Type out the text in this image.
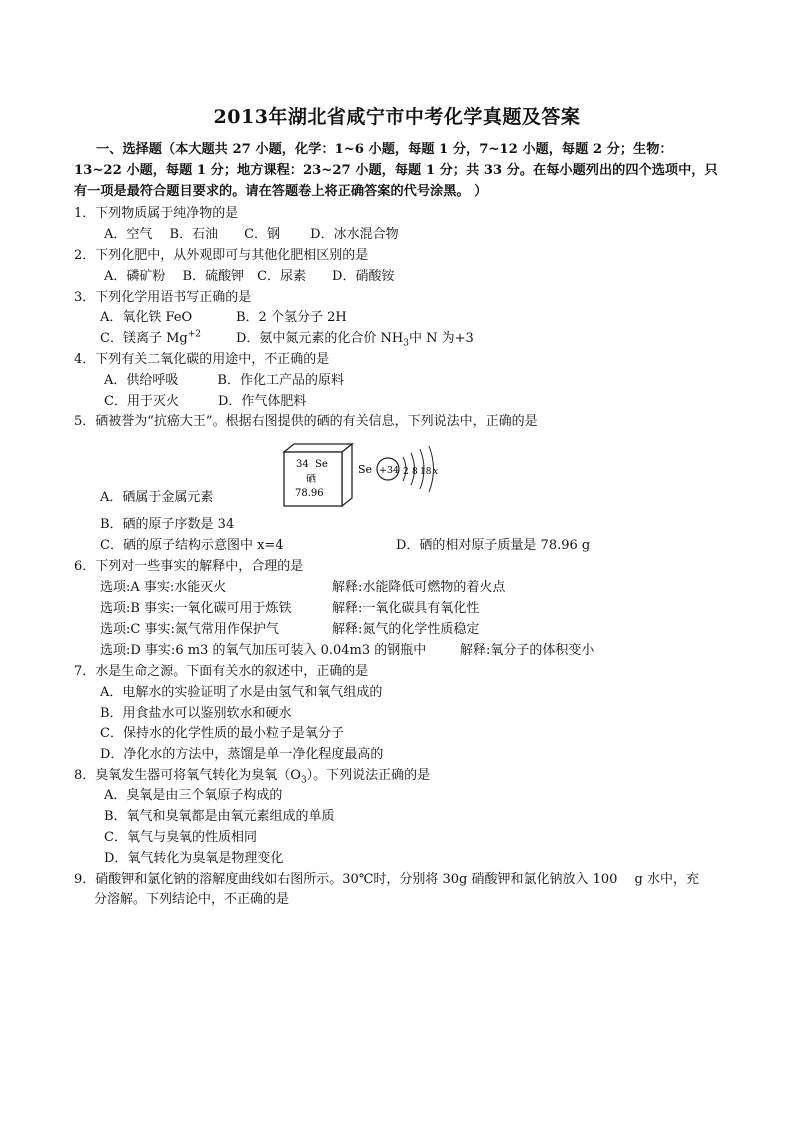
2013年湖北省咸宁市中考化学真题及答案
一、选择题（本大题共 27 小题，化学：1~6 小题，每题 1 分，7~12 小题，每题 2 分；生物：
13~22 小题，每题 1 分；地方课程：23~27 小题，每题 1 分；共 33 分。在每小题列出的四个选项中，只
有一项是最符合题目要求的。请在答题卷上将正确答案的代号涂黑。 ）
1．下列物质属于纯净物的是
A．空气　 B．石油　　C．钢　　 D．冰水混合物
2．下列化肥中，从外观即可与其他化肥相区别的是
A．磷矿粉　 B．硫酸钾　C．尿素　　D．硝酸铵
3．下列化学用语书写正确的是
A．氧化铁 FeO	B．2 个氢分子 2H
C．镁离子 $Mg^{+2}$	D．氨中氮元素的化合价 $NH_3$中 N 为+3
4．下列有关二氧化碳的用途中，不正确的是
A．供给呼吸　　　B．作化工产品的原料
C．用于灭火　　　D．作气体肥料
5．硒被誉为“抗癌大王”。根据右图提供的硒的有关信息，下列说法中，正确的是
34 Se
硒
78.96
Se +34 2 8 18 x
A．硒属于金属元素
B．硒的原子序数是 34
C．硒的原子结构示意图中 x=4	D．硒的相对原子质量是 78.96 g
6．下列对一些事实的解释中，合理的是
选项:A 事实:水能灭火	解释:水能降低可燃物的着火点
选项:B 事实:一氧化碳可用于炼铁	解释:一氧化碳具有氧化性
选项:C 事实:氮气常用作保护气	解释:氮气的化学性质稳定
选项:D 事实:6 m3 的氧气加压可装入 0.04m3 的钢瓶中	解释:氧分子的体积变小
7．水是生命之源。下面有关水的叙述中，正确的是
A．电解水的实验证明了水是由氢气和氧气组成的
B．用食盐水可以鉴别软水和硬水
C．保持水的化学性质的最小粒子是氧分子
D．净化水的方法中，蒸馏是单一净化程度最高的
8．臭氧发生器可将氧气转化为臭氧$(O_3)$。下列说法正确的是
A．臭氧是由三个氧原子构成的
B．氧气和臭氧都是由氧元素组成的单质
C．氧气与臭氧的性质相同
D．氧气转化为臭氧是物理变化
9．硝酸钾和氯化钠的溶解度曲线如右图所示。30℃时，分别将 30g 硝酸钾和氯化钠放入 100　 g 水中，充
分溶解。下列结论中，不正确的是
